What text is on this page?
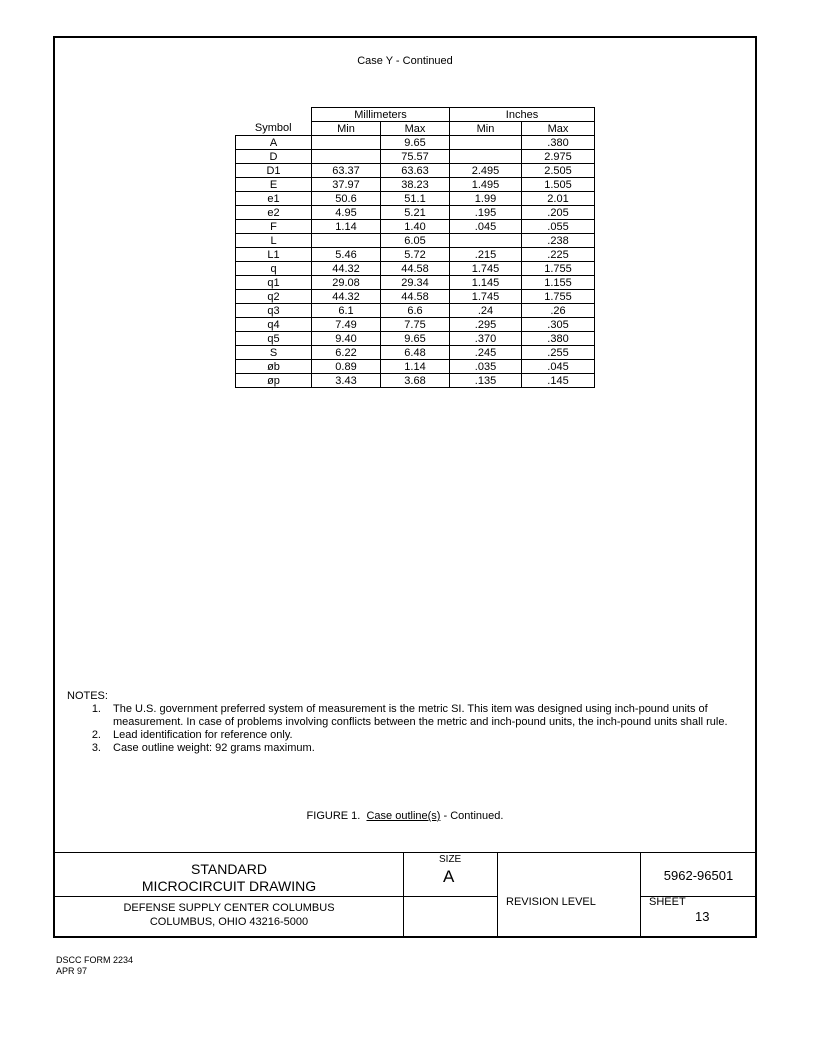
Case Y - Continued
	Millimeters		Inches	
Symbol	Min	Max	Min	Max
A		9.65		.380
D		75.57		2.975
D1	63.37	63.63	2.495	2.505
E	37.97	38.23	1.495	1.505
e1	50.6	51.1	1.99	2.01
e2	4.95	5.21	.195	.205
F	1.14	1.40	.045	.055
L		6.05		.238
L1	5.46	5.72	.215	.225
q	44.32	44.58	1.745	1.755
q1	29.08	29.34	1.145	1.155
q2	44.32	44.58	1.745	1.755
q3	6.1	6.6	.24	.26
q4	7.49	7.75	.295	.305
q5	9.40	9.65	.370	.380
S	6.22	6.48	.245	.255
øb	0.89	1.14	.035	.045
øp	3.43	3.68	.135	.145
NOTES:
1.	The U.S. government preferred system of measurement is the metric SI. This item was designed using inch-pound units of measurement. In case of problems involving conflicts between the metric and inch-pound units, the inch-pound units shall rule.
2.	Lead identification for reference only.
3.	Case outline weight: 92 grams maximum.
FIGURE 1. Case outline(s) - Continued.
STANDARD
MICROCIRCUIT DRAWING
DEFENSE SUPPLY CENTER COLUMBUS
COLUMBUS, OHIO 43216-5000
SIZE
A	5962-96501
REVISION LEVEL	SHEET
13
DSCC FORM 2234
APR 97
